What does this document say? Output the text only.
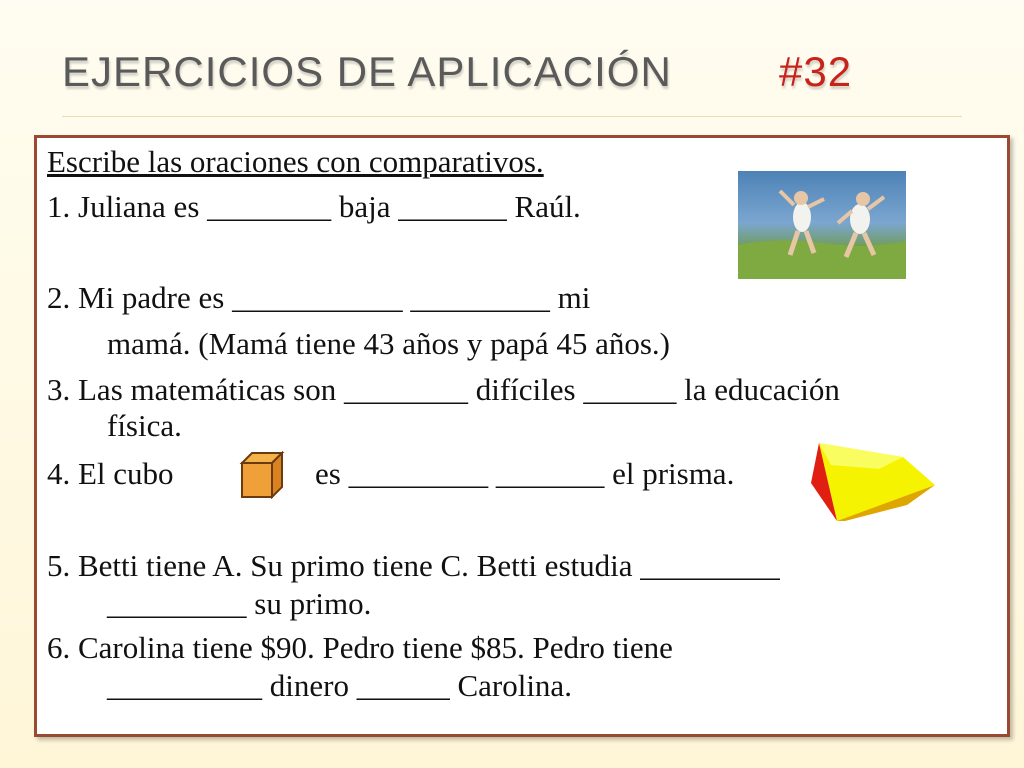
EJERCICIOS DE APLICACIÓN	#32
Escribe las oraciones con comparativos.
1. Juliana es ________ baja _______ Raúl.
2. Mi padre es ___________ _________ mi
mamá. (Mamá tiene 43 años y papá 45 años.)
3. Las matemáticas son ________ difíciles ______ la educación
física.
4. El cubo	es _________ _______ el prisma.
5. Betti tiene A. Su primo tiene C. Betti estudia _________
_________ su primo.
6. Carolina tiene $90. Pedro tiene $85. Pedro tiene
__________ dinero ______ Carolina.
